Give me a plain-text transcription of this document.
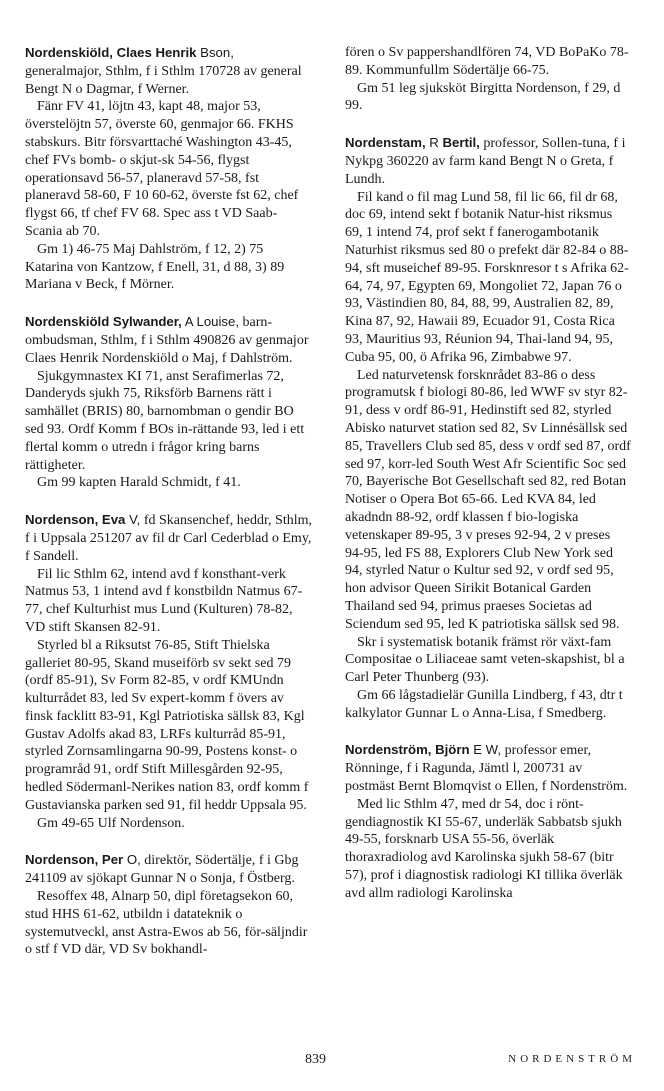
Nordenskiöld, Claes Henrik Bson, generalmajor, Sthlm, f i Sthlm 170728 av general Bengt N o Dagmar, f Werner.

Fänr FV 41, löjtn 43, kapt 48, major 53, överstelöjtn 57, överste 60, genmajor 66. FKHS stabskurs. Bitr försvarttaché Washington 43-45, chef FVs bomb- o skjut-sk 54-56, flygst operationsavd 56-57, planeravd 57-58, fst planeravd 58-60, F 10 60-62, överste fst 62, chef flygst 66, tf chef FV 68. Spec ass t VD Saab-Scania ab 70.

Gm 1) 46-75 Maj Dahlström, f 12, 2) 75 Katarina von Kantzow, f Enell, 31, d 88, 3) 89 Mariana v Beck, f Mörner.

Nordenskiöld Sylwander, A Louise, barn-ombudsman, Sthlm, f i Sthlm 490826 av genmajor Claes Henrik Nordenskiöld o Maj, f Dahlström.

Sjukgymnastex KI 71, anst Serafimerlas 72, Danderyds sjukh 75, Riksförb Barnens rätt i samhället (BRIS) 80, barnombman o gendir BO sed 93. Ordf Komm f BOs in-rättande 93, led i ett flertal komm o utredn i frågor kring barns rättigheter.

Gm 99 kapten Harald Schmidt, f 41.

Nordenson, Eva V, fd Skansenchef, heddr, Sthlm, f i Uppsala 251207 av fil dr Carl Cederblad o Emy, f Sandell.

Fil lic Sthlm 62, intend avd f konsthant-verk Natmus 53, 1 intend avd f konstbildn Natmus 67-77, chef Kulturhist mus Lund (Kulturen) 78-82, VD stift Skansen 82-91.

Styrled bl a Riksutst 76-85, Stift Thielska galleriet 80-95, Skand museiförb sv sekt sed 79 (ordf 85-91), Sv Form 82-85, v ordf KMUndn kulturrådet 83, led Sv expert-komm f övers av finsk facklitt 83-91, Kgl Patriotiska sällsk 83, Kgl Gustav Adolfs akad 83, LRFs kulturråd 85-91, styrled Zornsamlingarna 90-99, Postens konst- o programråd 91, ordf Stift Millesgården 92-95, hedled Södermanl-Nerikes nation 83, ordf komm f Gustavianska parken sed 91, fil heddr Uppsala 95.

Gm 49-65 Ulf Nordenson.

Nordenson, Per O, direktör, Södertälje, f i Gbg 241109 av sjökapt Gunnar N o Sonja, f Östberg.

Resoffex 48, Alnarp 50, dipl företagsekon 60, stud HHS 61-62, utbildn i datateknik o systemutveckl, anst Astra-Ewos ab 56, för-säljndir o stf f VD där, VD Sv bokhandl-

fören o Sv pappershandlfören 74, VD BoPaKo 78-89. Kommunfullm Södertälje 66-75.

Gm 51 leg sjuksköt Birgitta Nordenson, f 29, d 99.

Nordenstam, R Bertil, professor, Sollen-tuna, f i Nykpg 360220 av farm kand Bengt N o Greta, f Lundh.

Fil kand o fil mag Lund 58, fil lic 66, fil dr 68, doc 69, intend sekt f botanik Natur-hist riksmus 69, 1 intend 74, prof sekt f fanerogambotanik Naturhist riksmus sed 80 o prefekt där 82-84 o 88-94, sft museichef 89-95. Forsknresor t s Afrika 62-64, 74, 97, Egypten 69, Mongoliet 72, Japan 76 o 93, Västindien 80, 84, 88, 99, Australien 82, 89, Kina 87, 92, Hawaii 89, Ecuador 91, Costa Rica 93, Mauritius 93, Réunion 94, Thai-land 94, 95, Cuba 95, 00, ö Afrika 96, Zimbabwe 97.

Led naturvetensk forsknrådet 83-86 o dess programutsk f biologi 80-86, led WWF sv styr 82-91, dess v ordf 86-91, Hedinstift sed 82, styrled Abisko naturvet station sed 82, Sv Linnésällsk sed 85, Travellers Club sed 85, dess v ordf sed 87, ordf sed 97, korr-led South West Afr Scientific Soc sed 70, Bayerische Bot Gesellschaft sed 82, red Botan Notiser o Opera Bot 65-66. Led KVA 84, led akadndn 88-92, ordf klassen f bio-logiska vetenskaper 89-95, 3 v preses 92-94, 2 v preses 94-95, led FS 88, Explorers Club New York sed 94, styrled Natur o Kultur sed 92, v ordf sed 95, hon advisor Queen Sirikit Botanical Garden Thailand sed 94, primus praeses Societas ad Sciendum sed 95, led K patriotiska sällsk sed 98.

Skr i systematisk botanik främst rör växt-fam Compositae o Liliaceae samt veten-skapshist, bl a Carl Peter Thunberg (93).

Gm 66 lågstadielär Gunilla Lindberg, f 43, dtr t kalkylator Gunnar L o Anna-Lisa, f Smedberg.

Nordenström, Björn E W, professor emer, Rönninge, f i Ragunda, Jämtl l, 200731 av postmäst Bernt Blomqvist o Ellen, f Nordenström.

Med lic Sthlm 47, med dr 54, doc i rönt-gendiagnostik KI 55-67, underläk Sabbatsb sjukh 49-55, forsknarb USA 55-56, överläk thoraxradiolog avd Karolinska sjukh 58-67 (bitr 57), prof i diagnostisk radiologi KI tillika överläk avd allm radiologi Karolinska

839	NORDENSTRÖM
